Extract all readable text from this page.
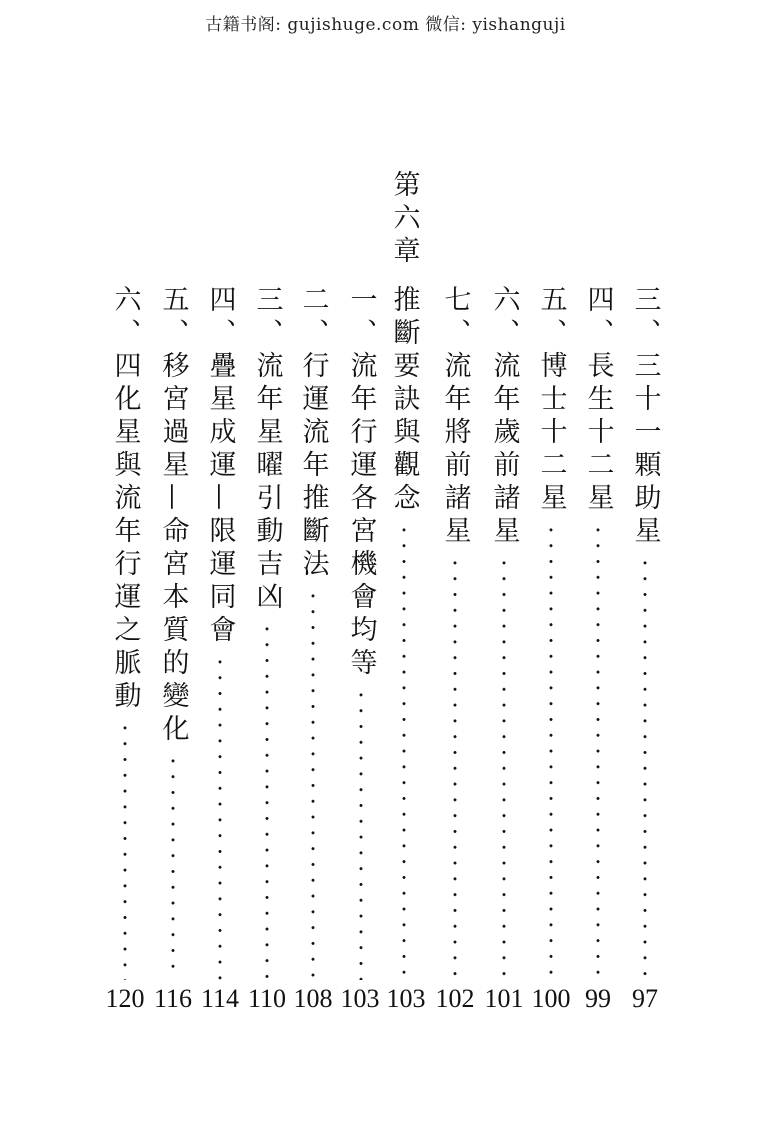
古籍书阁: gujishuge.com 微信: yishanguji
第六章
三、三十一顆助星
97
四、長生十二星
99
五、博士十二星
100
六、流年歲前諸星
101
七、流年將前諸星
102
推斷要訣與觀念
103
一、流年行運各宮機會均等
103
二、行運流年推斷法
108
三、流年星曜引動吉凶
110
四、疊星成運—限運同會
114
五、移宮過星—命宮本質的變化
116
六、四化星與流年行運之脈動
120
